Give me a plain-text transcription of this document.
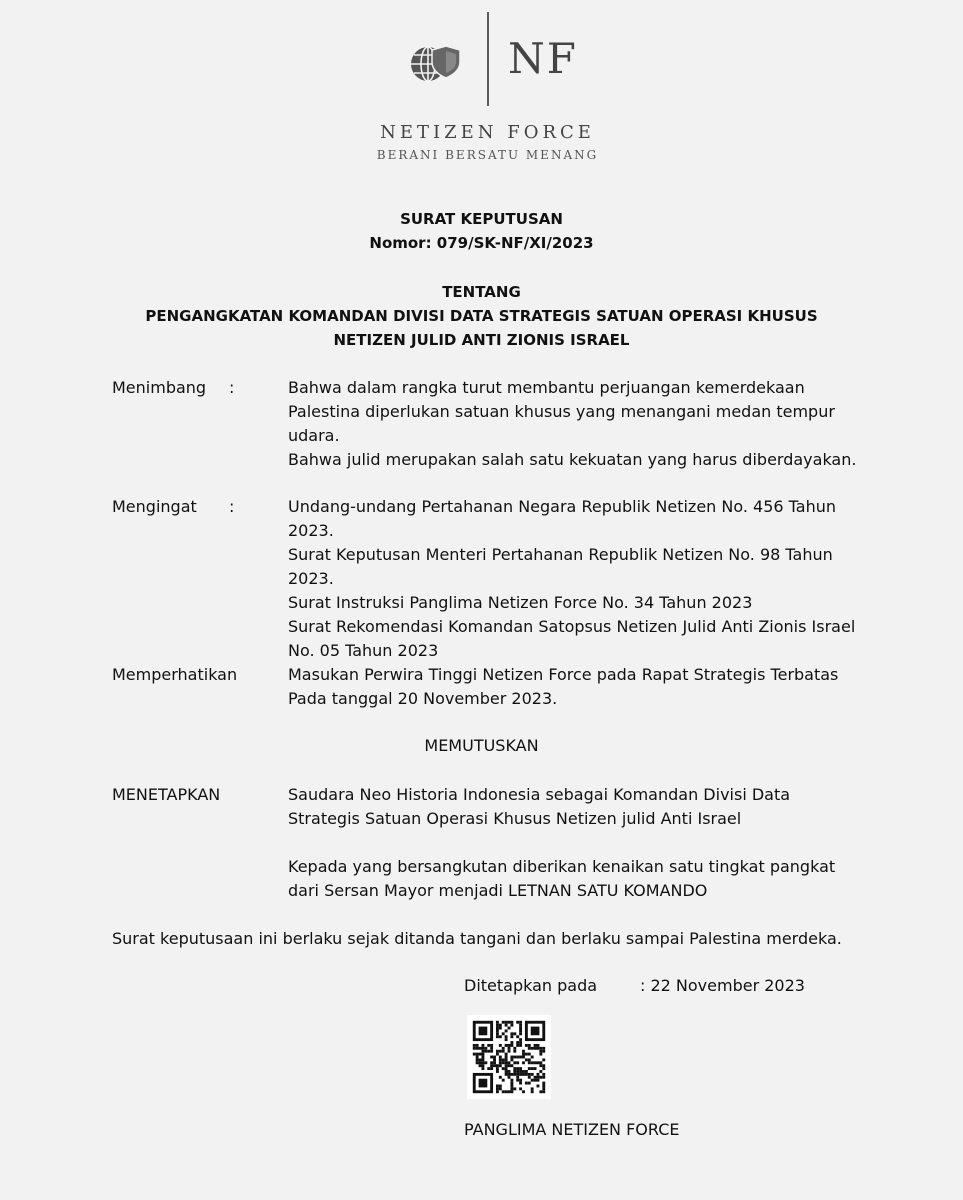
NF
NETIZEN FORCE
BERANI BERSATU MENANG
SURAT KEPUTUSAN
Nomor: 079/SK-NF/XI/2023
TENTANG
PENGANGKATAN KOMANDAN DIVISI DATA STRATEGIS SATUAN OPERASI KHUSUS
NETIZEN JULID ANTI ZIONIS ISRAEL
Menimbang :	Bahwa dalam rangka turut membantu perjuangan kemerdekaan
Palestina diperlukan satuan khusus yang menangani medan tempur
udara.
Bahwa julid merupakan salah satu kekuatan yang harus diberdayakan.
Mengingat :	Undang-undang Pertahanan Negara Republik Netizen No. 456 Tahun
2023.
Surat Keputusan Menteri Pertahanan Republik Netizen No. 98 Tahun
2023.
Surat Instruksi Panglima Netizen Force No. 34 Tahun 2023
Surat Rekomendasi Komandan Satopsus Netizen Julid Anti Zionis Israel
No. 05 Tahun 2023
Memperhatikan	Masukan Perwira Tinggi Netizen Force pada Rapat Strategis Terbatas
Pada tanggal 20 November 2023.
MEMUTUSKAN
MENETAPKAN	Saudara Neo Historia Indonesia sebagai Komandan Divisi Data
Strategis Satuan Operasi Khusus Netizen julid Anti Israel
Kepada yang bersangkutan diberikan kenaikan satu tingkat pangkat
dari Sersan Mayor menjadi LETNAN SATU KOMANDO
Surat keputusaan ini berlaku sejak ditanda tangani dan berlaku sampai Palestina merdeka.
Ditetapkan pada	: 22 November 2023
PANGLIMA NETIZEN FORCE
